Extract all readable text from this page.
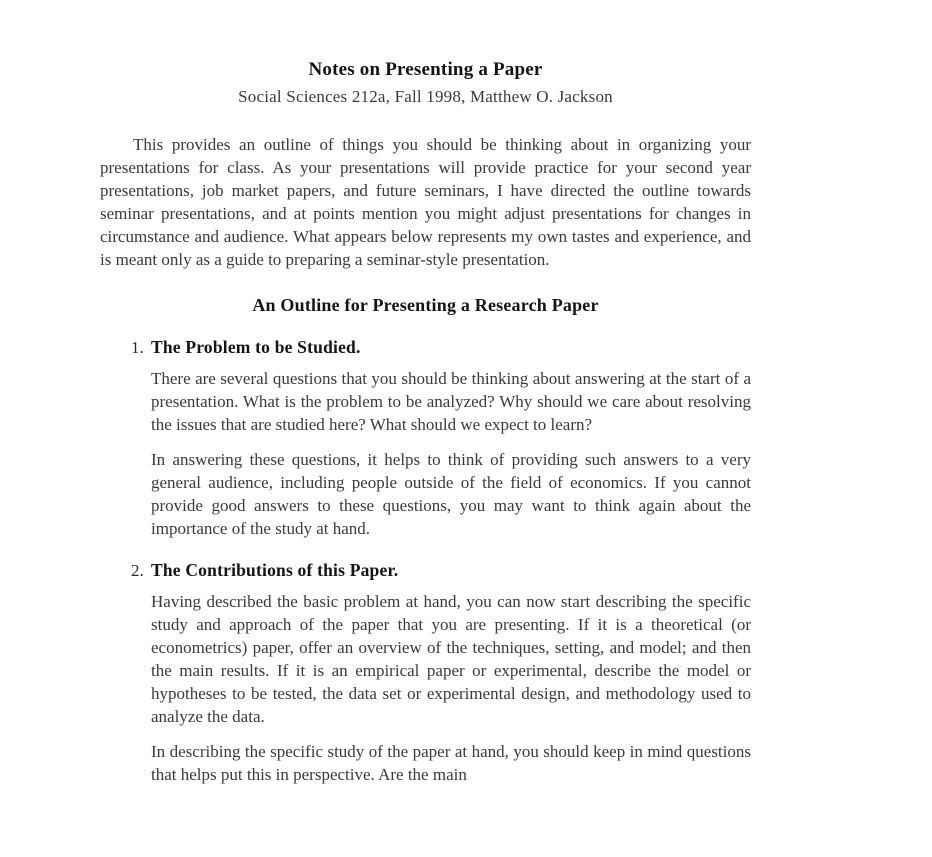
Notes on Presenting a Paper
Social Sciences 212a, Fall 1998, Matthew O. Jackson

This provides an outline of things you should be thinking about in organizing your presentations for class. As your presentations will provide practice for your second year presentations, job market papers, and future seminars, I have directed the outline towards seminar presentations, and at points mention you might adjust presentations for changes in circumstance and audience. What appears below represents my own tastes and experience, and is meant only as a guide to preparing a seminar-style presentation.

An Outline for Presenting a Research Paper
1. The Problem to be Studied.

There are several questions that you should be thinking about answering at the start of a presentation. What is the problem to be analyzed? Why should we care about resolving the issues that are studied here? What should we expect to learn?

In answering these questions, it helps to think of providing such answers to a very general audience, including people outside of the field of economics. If you cannot provide good answers to these questions, you may want to think again about the importance of the study at hand.

2. The Contributions of this Paper.

Having described the basic problem at hand, you can now start describing the specific study and approach of the paper that you are presenting. If it is a theoretical (or econometrics) paper, offer an overview of the techniques, setting, and model; and then the main results. If it is an empirical paper or experimental, describe the model or hypotheses to be tested, the data set or experimental design, and methodology used to analyze the data.

In describing the specific study of the paper at hand, you should keep in mind questions that helps put this in perspective. Are the main
